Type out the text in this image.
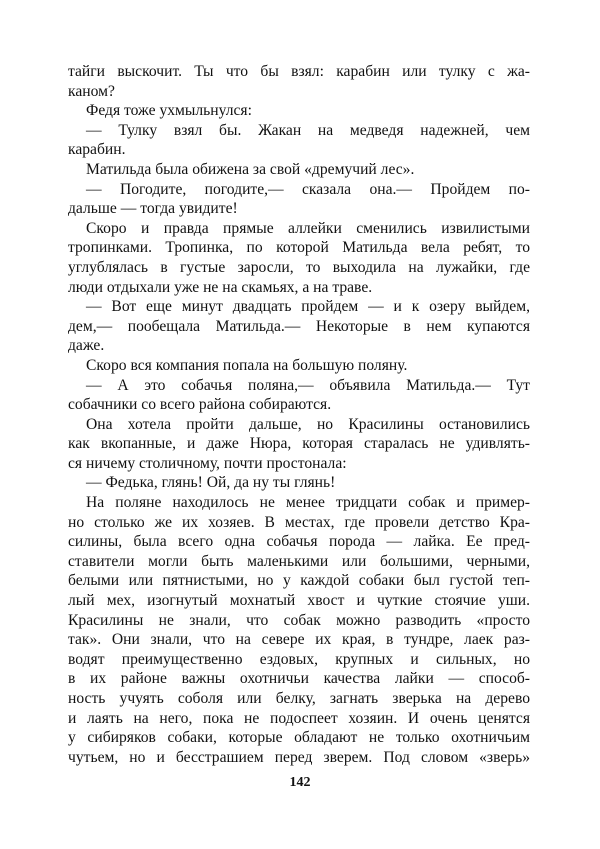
тайги выскочит. Ты что бы взял: карабин или тулку с жа-
каном?
Федя тоже ухмыльнулся:
— Тулку взял бы. Жакан на медведя надежней, чем
карабин.
Матильда была обижена за свой «дремучий лес».
— Погодите, погодите,— сказала она.— Пройдем по-
дальше — тогда увидите!
Скоро и правда прямые аллейки сменились извилистыми
тропинками. Тропинка, по которой Матильда вела ребят, то
углублялась в густые заросли, то выходила на лужайки, где
люди отдыхали уже не на скамьях, а на траве.
— Вот еще минут двадцать пройдем — и к озеру выйдем,
дем,— пообещала Матильда.— Некоторые в нем купаются
даже.
Скоро вся компания попала на большую поляну.
— А это собачья поляна,— объявила Матильда.— Тут
собачники со всего района собираются.
Она хотела пройти дальше, но Красилины остановились
как вкопанные, и даже Нюра, которая старалась не удивлять-
ся ничему столичному, почти простонала:
— Федька, глянь! Ой, да ну ты глянь!
На поляне находилось не менее тридцати собак и пример-
но столько же их хозяев. В местах, где провели детство Кра-
силины, была всего одна собачья порода — лайка. Ее пред-
ставители могли быть маленькими или большими, черными,
белыми или пятнистыми, но у каждой собаки был густой теп-
лый мех, изогнутый мохнатый хвост и чуткие стоячие уши.
Красилины не знали, что собак можно разводить «просто
так». Они знали, что на севере их края, в тундре, лаек раз-
водят преимущественно ездовых, крупных и сильных, но
в их районе важны охотничьи качества лайки — способ-
ность учуять соболя или белку, загнать зверька на дерево
и лаять на него, пока не подоспеет хозяин. И очень ценятся
у сибиряков собаки, которые обладают не только охотничьим
чутьем, но и бесстрашием перед зверем. Под словом «зверь»
142
